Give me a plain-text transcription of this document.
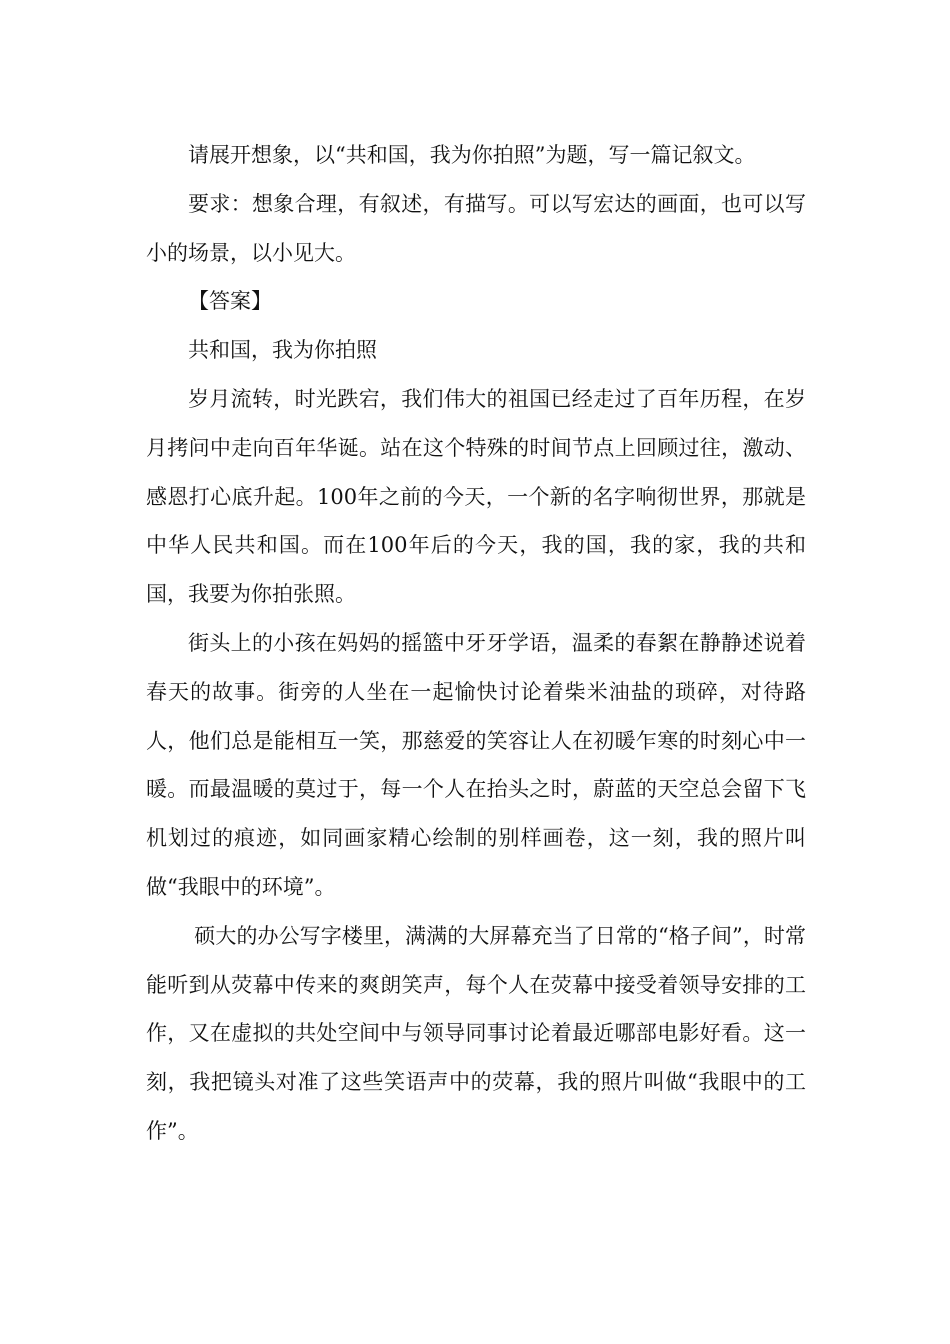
请展开想象，以“共和国，我为你拍照”为题，写一篇记叙文。

要求：想象合理，有叙述，有描写。可以写宏达的画面，也可以写小的场景，以小见大。

【答案】

共和国，我为你拍照

岁月流转，时光跌宕，我们伟大的祖国已经走过了百年历程，在岁月拷问中走向百年华诞。站在这个特殊的时间节点上回顾过往，激动、感恩打心底升起。100年之前的今天，一个新的名字响彻世界，那就是中华人民共和国。而在100年后的今天，我的国，我的家，我的共和国，我要为你拍张照。

街头上的小孩在妈妈的摇篮中牙牙学语，温柔的春絮在静静述说着春天的故事。街旁的人坐在一起愉快讨论着柴米油盐的琐碎，对待路人，他们总是能相互一笑，那慈爱的笑容让人在初暖乍寒的时刻心中一暖。而最温暖的莫过于，每一个人在抬头之时，蔚蓝的天空总会留下飞机划过的痕迹，如同画家精心绘制的别样画卷，这一刻，我的照片叫做“我眼中的环境”。

硕大的办公写字楼里，满满的大屏幕充当了日常的“格子间”，时常能听到从荧幕中传来的爽朗笑声，每个人在荧幕中接受着领导安排的工作，又在虚拟的共处空间中与领导同事讨论着最近哪部电影好看。这一刻，我把镜头对准了这些笑语声中的荧幕，我的照片叫做“我眼中的工作”。
